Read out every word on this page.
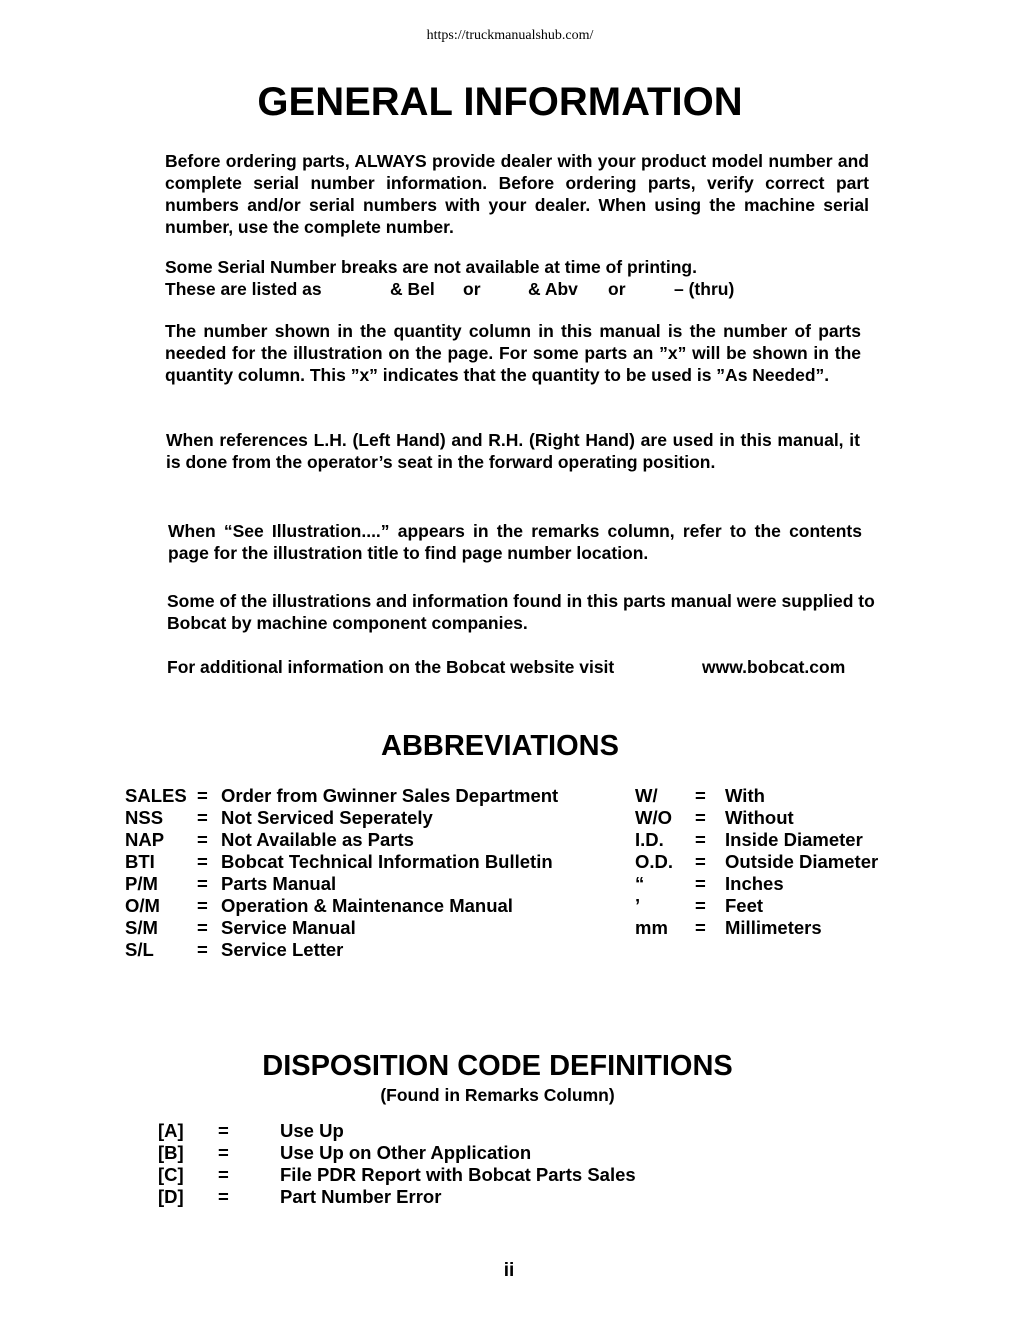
https://truckmanualshub.com/
GENERAL INFORMATION

Before ordering parts, ALWAYS provide dealer with your product model number and complete serial number information. Before ordering parts, verify correct part numbers and/or serial numbers with your dealer. When using the machine serial number, use the complete number.

Some Serial Number breaks are not available at time of printing.
These are listed as	& Bel or	& Abv or	– (thru)

The number shown in the quantity column in this manual is the number of parts needed for the illustration on the page. For some parts an ”x” will be shown in the quantity column. This ”x” indicates that the quantity to be used is ”As Needed”.

When references L.H. (Left Hand) and R.H. (Right Hand) are used in this manual, it is done from the operator’s seat in the forward operating position.

When “See Illustration....” appears in the remarks column, refer to the contents page for the illustration title to find page number location.

Some of the illustrations and information found in this parts manual were supplied to Bobcat by machine component companies.

For additional information on the Bobcat website visit	www.bobcat.com
ABBREVIATIONS
SALES = Order from Gwinner Sales Department
NSS	= Not Serviced Seperately
NAP	= Not Available as Parts
BTI	= Bobcat Technical Information Bulletin
P/M	= Parts Manual
O/M	= Operation & Maintenance Manual
S/M	= Service Manual
S/L	= Service Letter
W/	=	With
W/O	=	Without
I.D.	=	Inside Diameter
O.D.	=	Outside Diameter
“	=	Inches
’	=	Feet
mm	=	Millimeters
DISPOSITION CODE DEFINITIONS
(Found in Remarks Column)
[A]	=	Use Up
[B]	=	Use Up on Other Application
[C]	=	File PDR Report with Bobcat Parts Sales
[D]	=	Part Number Error
ii
